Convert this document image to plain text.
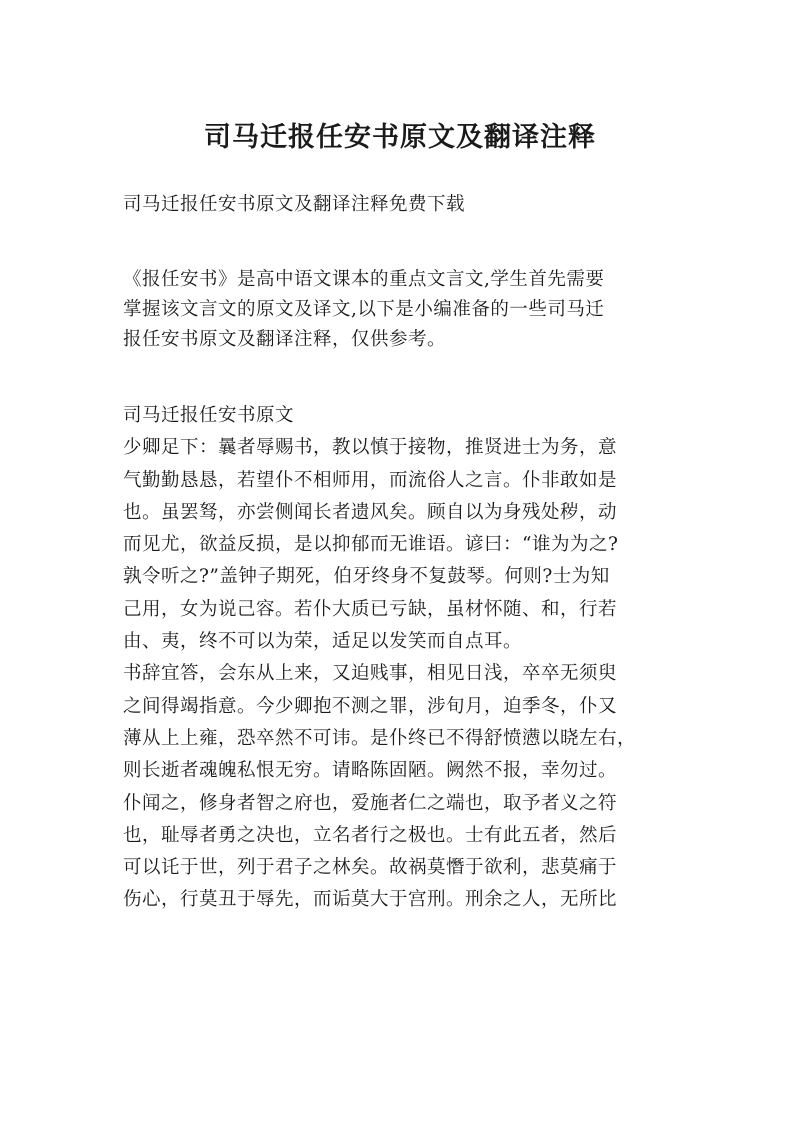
司马迁报任安书原文及翻译注释

司马迁报任安书原文及翻译注释免费下载

《报任安书》是高中语文课本的重点文言文,学生首先需要
掌握该文言文的原文及译文,以下是小编准备的一些司马迁
报任安书原文及翻译注释，仅供参考。
司马迁报任安书原文
少卿足下：曩者辱赐书，教以慎于接物，推贤进士为务，意
气勤勤恳恳，若望仆不相师用，而流俗人之言。仆非敢如是
也。虽罢驽，亦尝侧闻长者遗风矣。顾自以为身残处秽，动
而见尤，欲益反损，是以抑郁而无谁语。谚曰：“谁为为之?
孰令听之?”盖钟子期死，伯牙终身不复鼓琴。何则?士为知
己用，女为说己容。若仆大质已亏缺，虽材怀随、和，行若
由、夷，终不可以为荣，适足以发笑而自点耳。
书辞宜答，会东从上来，又迫贱事，相见日浅，卒卒无须臾
之间得竭指意。今少卿抱不测之罪，涉旬月，迫季冬，仆又
薄从上上雍，恐卒然不可讳。是仆终已不得舒愤懑以晓左右，
则长逝者魂魄私恨无穷。请略陈固陋。阙然不报，幸勿过。
仆闻之，修身者智之府也，爱施者仁之端也，取予者义之符
也，耻辱者勇之决也，立名者行之极也。士有此五者，然后
可以讬于世，列于君子之林矣。故祸莫憯于欲利，悲莫痛于
伤心，行莫丑于辱先，而诟莫大于宫刑。刑余之人，无所比
